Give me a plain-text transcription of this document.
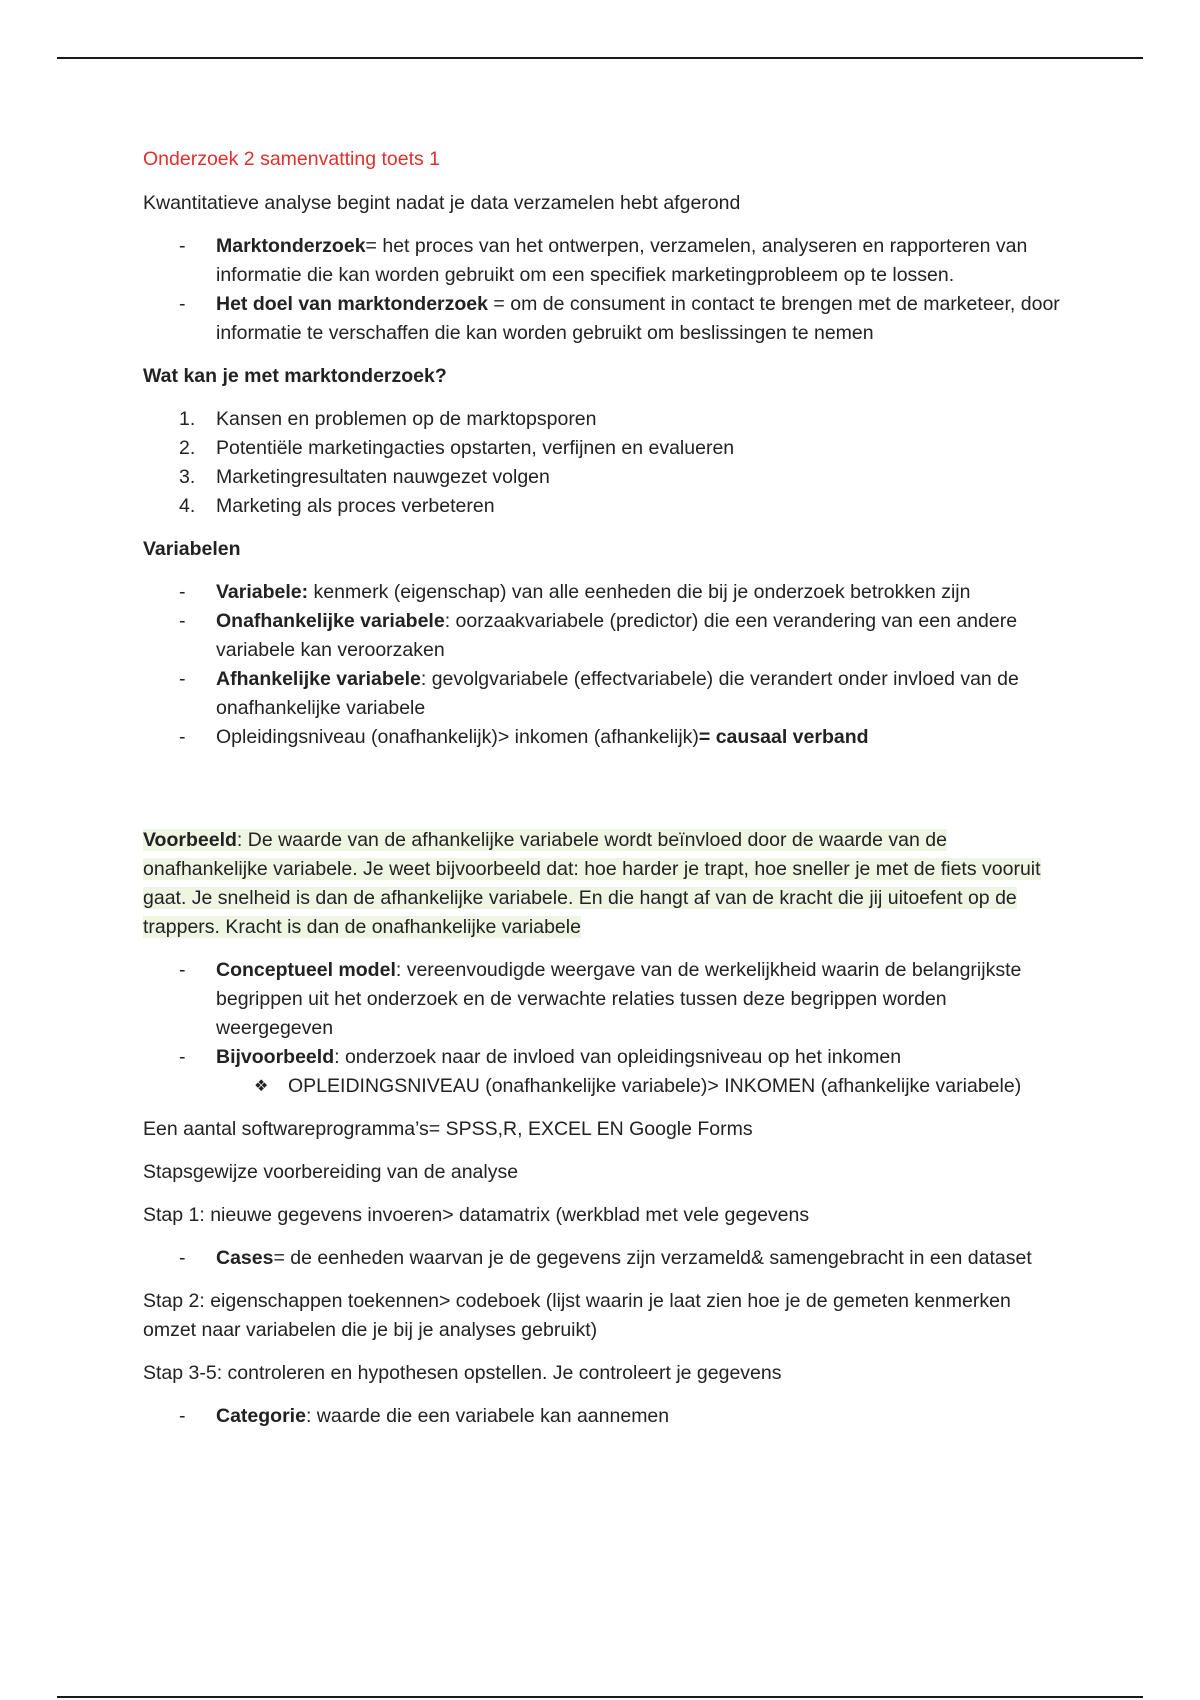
Onderzoek 2 samenvatting toets 1

Kwantitatieve analyse begint nadat je data verzamelen hebt afgerond

- Marktonderzoek= het proces van het ontwerpen, verzamelen, analyseren en rapporteren van informatie die kan worden gebruikt om een specifiek marketingprobleem op te lossen.
- Het doel van marktonderzoek = om de consument in contact te brengen met de marketeer, door informatie te verschaffen die kan worden gebruikt om beslissingen te nemen

Wat kan je met marktonderzoek?

1. Kansen en problemen op de marktopsporen
2. Potentiële marketingacties opstarten, verfijnen en evalueren
3. Marketingresultaten nauwgezet volgen
4. Marketing als proces verbeteren

Variabelen

- Variabele: kenmerk (eigenschap) van alle eenheden die bij je onderzoek betrokken zijn
- Onafhankelijke variabele: oorzaakvariabele (predictor) die een verandering van een andere variabele kan veroorzaken
- Afhankelijke variabele: gevolgvariabele (effectvariabele) die verandert onder invloed van de onafhankelijke variabele
- Opleidingsniveau (onafhankelijk)> inkomen (afhankelijk)= causaal verband

Voorbeeld: De waarde van de afhankelijke variabele wordt beïnvloed door de waarde van de onafhankelijke variabele. Je weet bijvoorbeeld dat: hoe harder je trapt, hoe sneller je met de fiets vooruit gaat. Je snelheid is dan de afhankelijke variabele. En die hangt af van de kracht die jij uitoefent op de trappers. Kracht is dan de onafhankelijke variabele

- Conceptueel model: vereenvoudigde weergave van de werkelijkheid waarin de belangrijkste begrippen uit het onderzoek en de verwachte relaties tussen deze begrippen worden weergegeven
- Bijvoorbeeld: onderzoek naar de invloed van opleidingsniveau op het inkomen
❖ OPLEIDINGSNIVEAU (onafhankelijke variabele)> INKOMEN (afhankelijke variabele)

Een aantal softwareprogramma’s= SPSS,R, EXCEL EN Google Forms

Stapsgewijze voorbereiding van de analyse

Stap 1: nieuwe gegevens invoeren> datamatrix (werkblad met vele gegevens

- Cases= de eenheden waarvan je de gegevens zijn verzameld& samengebracht in een dataset

Stap 2: eigenschappen toekennen> codeboek (lijst waarin je laat zien hoe je de gemeten kenmerken omzet naar variabelen die je bij je analyses gebruikt)

Stap 3-5: controleren en hypothesen opstellen. Je controleert je gegevens

- Categorie: waarde die een variabele kan aannemen
